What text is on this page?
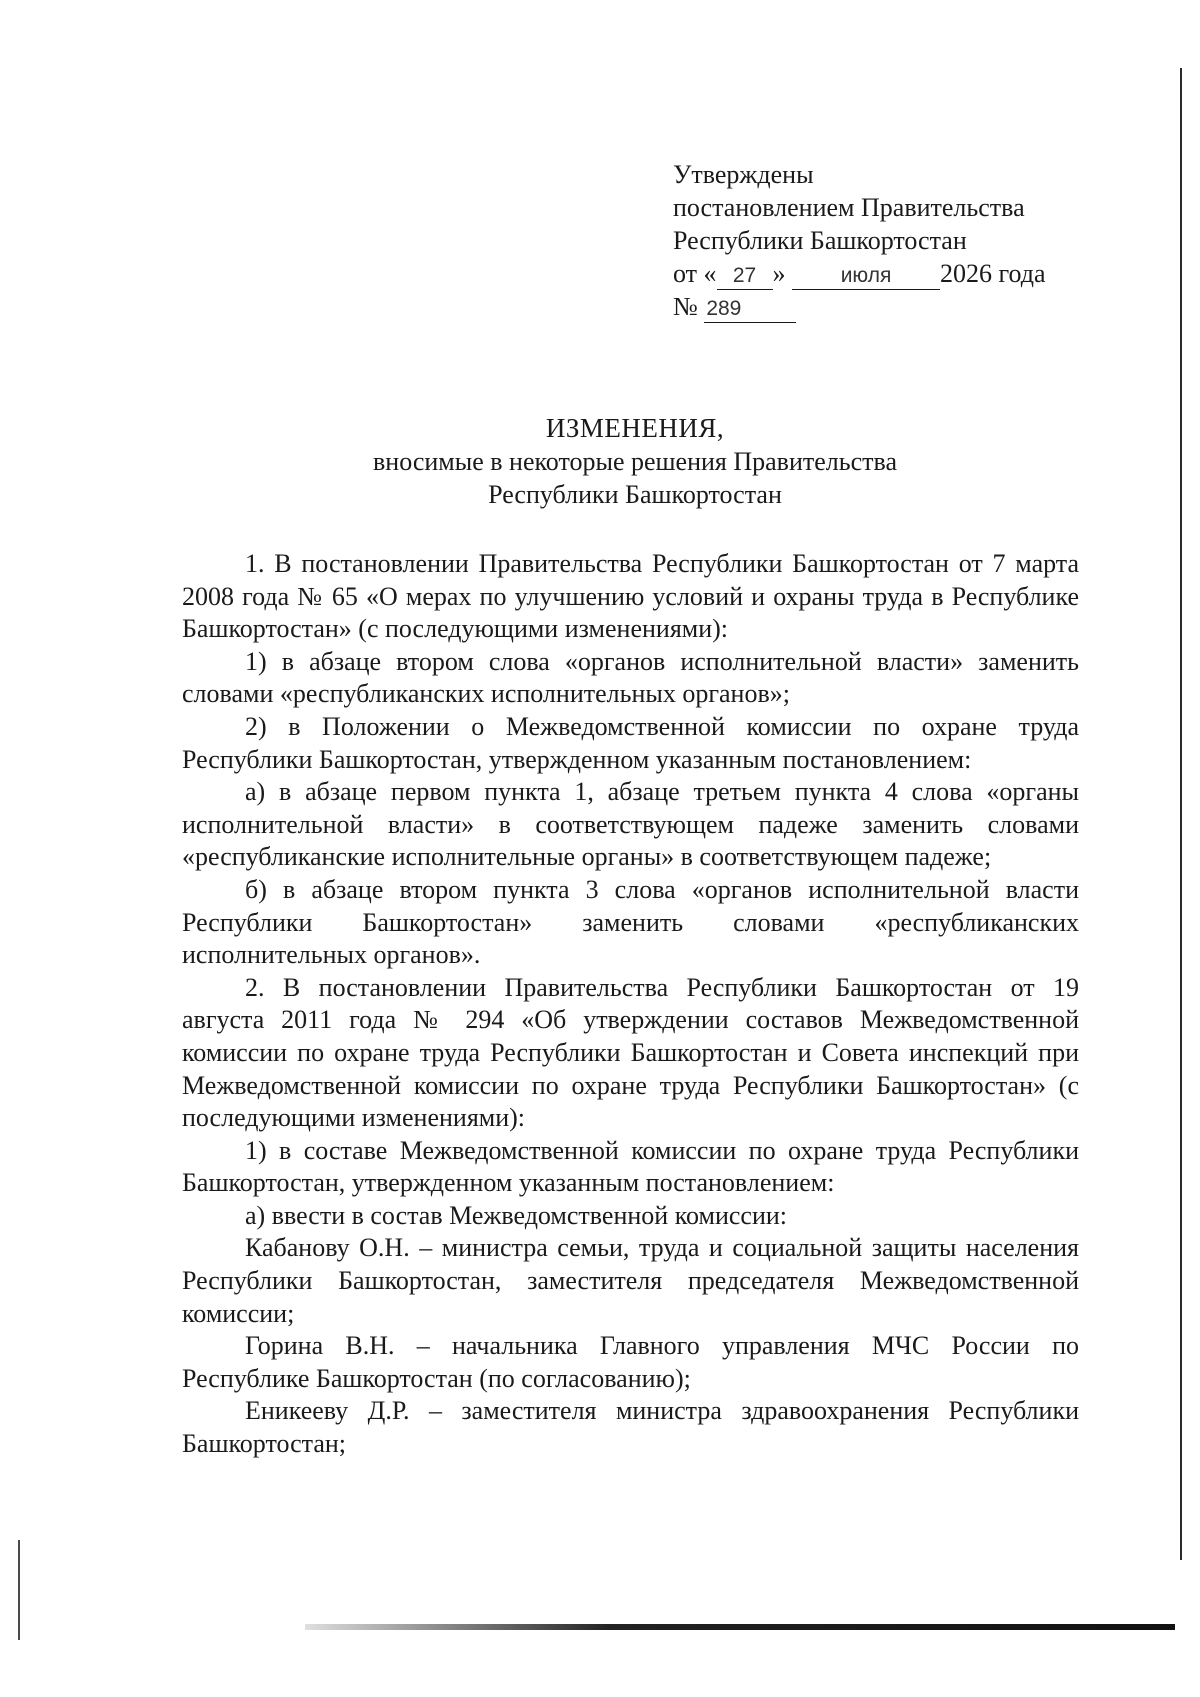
Утверждены
постановлением Правительства
Республики Башкортостан
от « 27 »	июля 2026 года
№ 289
ИЗМЕНЕНИЯ,
вносимые в некоторые решения Правительства
Республики Башкортостан

1. В постановлении Правительства Республики Башкортостан от 7 марта 2008 года № 65 «О мерах по улучшению условий и охраны труда в Республике Башкортостан» (с последующими изменениями):

1) в абзаце втором слова «органов исполнительной власти» заменить словами «республиканских исполнительных органов»;

2) в Положении о Межведомственной комиссии по охране труда Республики Башкортостан, утвержденном указанным постановлением:

а) в абзаце первом пункта 1, абзаце третьем пункта 4 слова «органы исполнительной власти» в соответствующем падеже заменить словами «республиканские исполнительные органы» в соответствующем падеже;

б) в абзаце втором пункта 3 слова «органов исполнительной власти Республики Башкортостан» заменить словами «республиканских исполнительных органов».

2. В постановлении Правительства Республики Башкортостан от 19 августа 2011 года № 294 «Об утверждении составов Межведомственной комиссии по охране труда Республики Башкортостан и Совета инспекций при Межведомственной комиссии по охране труда Республики Башкортостан» (с последующими изменениями):

1) в составе Межведомственной комиссии по охране труда Республики Башкортостан, утвержденном указанным постановлением:

а) ввести в состав Межведомственной комиссии:

Кабанову О.Н. – министра семьи, труда и социальной защиты населения Республики Башкортостан, заместителя председателя Межведомственной комиссии;

Горина В.Н. – начальника Главного управления МЧС России по Республике Башкортостан (по согласованию);

Еникееву Д.Р. – заместителя министра здравоохранения Республики Башкортостан;
